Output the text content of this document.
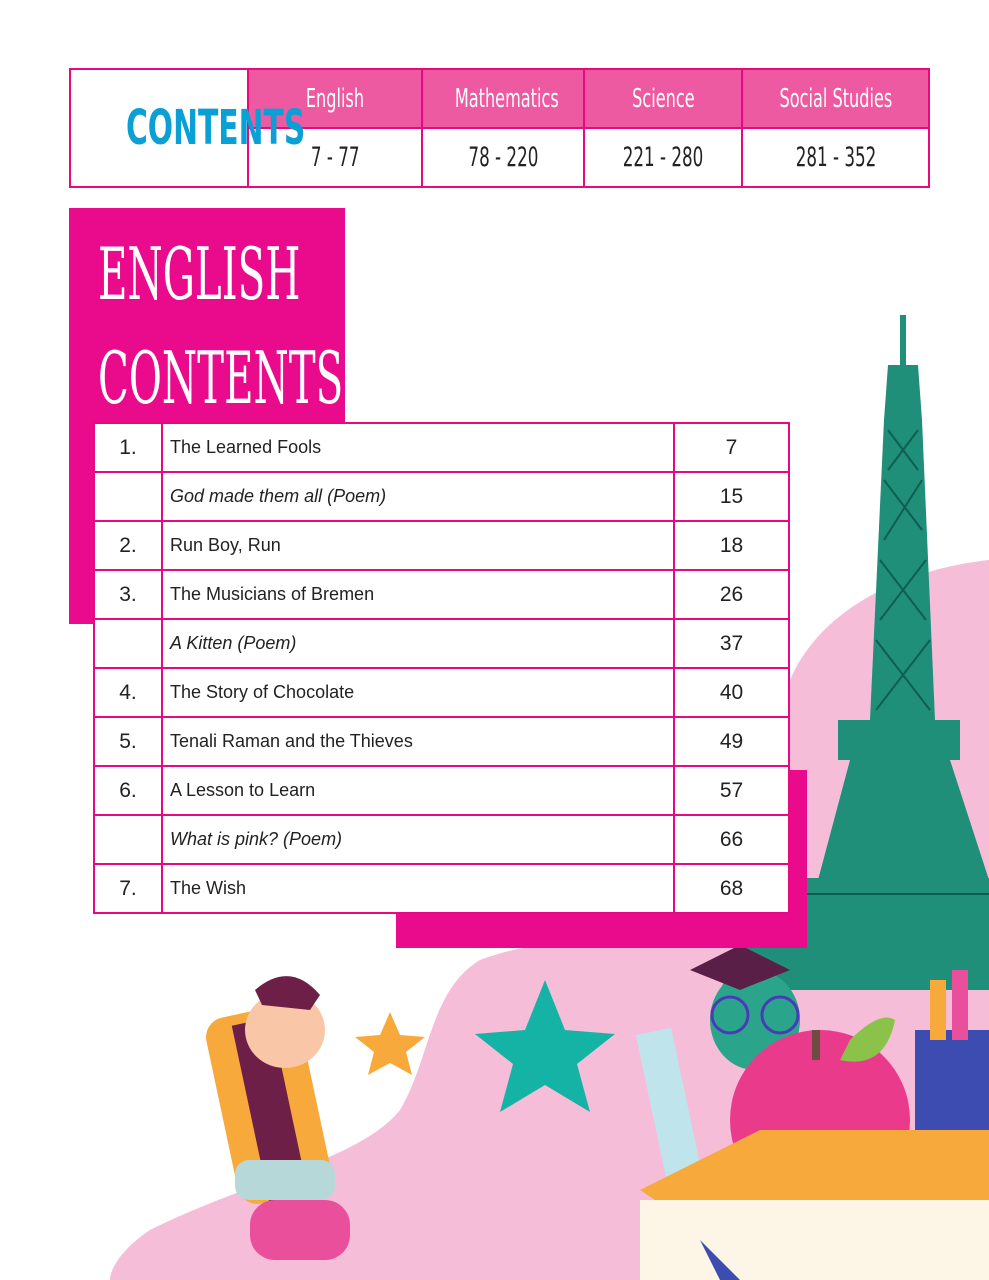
CONTENTS	English	Mathematics	Science	Social Studies
	7 - 77	78 - 220	221 - 280	281 - 352
ENGLISH
CONTENTS
1.	The Learned Fools	7
	God made them all (Poem)	15
2.	Run Boy, Run	18
3.	The Musicians of Bremen	26
	A Kitten (Poem)	37
4.	The Story of Chocolate	40
5.	Tenali Raman and the Thieves	49
6.	A Lesson to Learn	57
	What is pink? (Poem)	66
7.	The Wish	68
